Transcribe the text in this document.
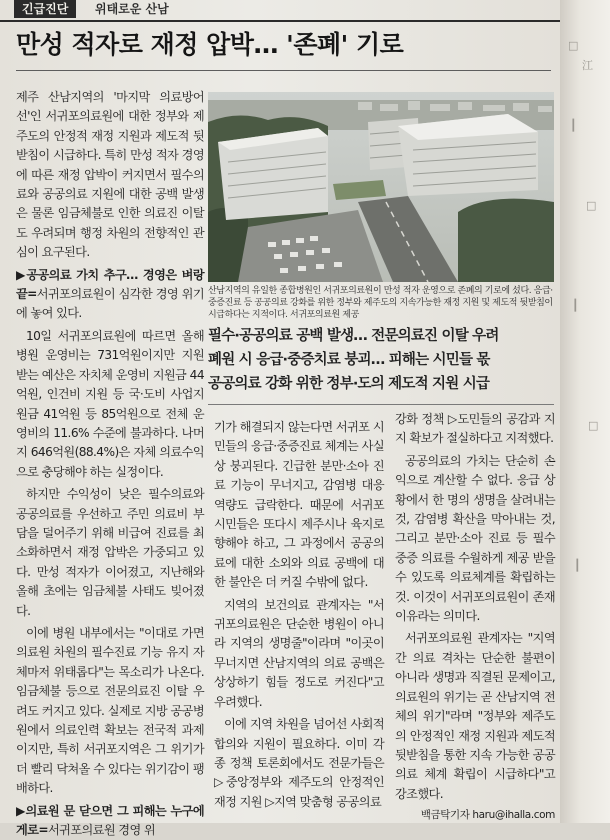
긴급진단	위태로운 산남
만성 적자로 재정 압박… '존폐' 기로

제주 산남지역의 '마지막 의료방어선'인 서귀포의료원에 대한 정부와 제주도의 안정적 재정 지원과 제도적 뒷받침이 시급하다. 특히 만성 적자 경영에 따른 재정 압박이 커지면서 필수의료와 공공의료 지원에 대한 공백 발생은 물론 임금체불로 인한 의료진 이탈도 우려되며 행정 차원의 전향적인 관심이 요구된다.

▶공공의료 가치 추구… 경영은 벼랑 끝=서귀포의료원이 심각한 경영 위기에 놓여 있다.

10일 서귀포의료원에 따르면 올해 병원 운영비는 731억원이지만 지원 받는 예산은 자치체 운영비 지원금 44억원, 인건비 지원 등 국·도비 사업지원금 41억원 등 85억원으로 전체 운영비의 11.6% 수준에 불과하다. 나머지 646억원(88.4%)은 자체 의료수익으로 충당해야 하는 실정이다.

하지만 수익성이 낮은 필수의료와 공공의료를 우선하고 주민 의료비 부담을 덜어주기 위해 비급여 진료를 최소화하면서 재정 압박은 가중되고 있다. 만성 적자가 이어졌고, 지난해와 올해 초에는 임금체불 사태도 빚어졌다.

이에 병원 내부에서는 "이대로 가면 의료원 차원의 필수진료 기능 유지 자체마저 위태롭다"는 목소리가 나온다. 임금체불 등으로 전문의료진 이탈 우려도 커지고 있다. 실제로 지방 공공병원에서 의료인력 확보는 전국적 과제이지만, 특히 서귀포지역은 그 위기가 더 빨리 닥쳐올 수 있다는 위기감이 팽배하다.

▶의료원 문 닫으면 그 피해는 누구에게로=서귀포의료원 경영 위

산남지역의 유일한 종합병원인 서귀포의료원이 만성 적자 운영으로 존폐의 기로에 섰다. 응급·중증진료 등 공공의료 강화를 위한 정부와 제주도의 지속가능한 재정 지원 및 제도적 뒷받침이 시급하다는 지적이다. 서귀포의료원 제공
필수·공공의료 공백 발생… 전문의료진 이탈 우려
폐원 시 응급·중증치료 붕괴… 피해는 시민들 몫
공공의료 강화 위한 정부·도의 제도적 지원 시급

기가 해결되지 않는다면 서귀포 시민들의 응급·중증진료 체계는 사실상 붕괴된다. 긴급한 분만·소아 진료 기능이 무너지고, 감염병 대응 역량도 급락한다. 때문에 서귀포 시민들은 또다시 제주시나 육지로 향해야 하고, 그 과정에서 공공의료에 대한 소외와 의료 공백에 대한 불안은 더 커질 수밖에 없다.

지역의 보건의료 관계자는 "서귀포의료원은 단순한 병원이 아니라 지역의 생명줄"이라며 "이곳이 무너지면 산남지역의 의료 공백은 상상하기 힘들 정도로 커진다"고 우려했다.

이에 지역 차원을 넘어선 사회적 합의와 지원이 필요하다. 이미 각종 정책 토론회에서도 전문가들은 ▷중앙정부와 제주도의 안정적인 재정 지원 ▷지역 맞춤형 공공의료

강화 정책 ▷도민들의 공감과 지지 확보가 절실하다고 지적했다.

공공의료의 가치는 단순히 손익으로 계산할 수 없다. 응급 상황에서 한 명의 생명을 살려내는 것, 감염병 확산을 막아내는 것, 그리고 분만·소아 진료 등 필수중증 의료를 수월하게 제공 받을 수 있도록 의료체계를 확립하는 것. 이것이 서귀포의료원이 존재 이유라는 의미다.

서귀포의료원 관계자는 "지역 간 의료 격차는 단순한 불편이 아니라 생명과 직결된 문제이고, 의료원의 위기는 곧 산남지역 전체의 위기"라며 "정부와 제주도의 안정적인 재정 지원과 제도적 뒷받침을 통한 지속 가능한 공공의료 체계 확립이 시급하다"고 강조했다.

백금탁기자 haru@ihalla.com
□
江
┃
□
┃
□
┃
